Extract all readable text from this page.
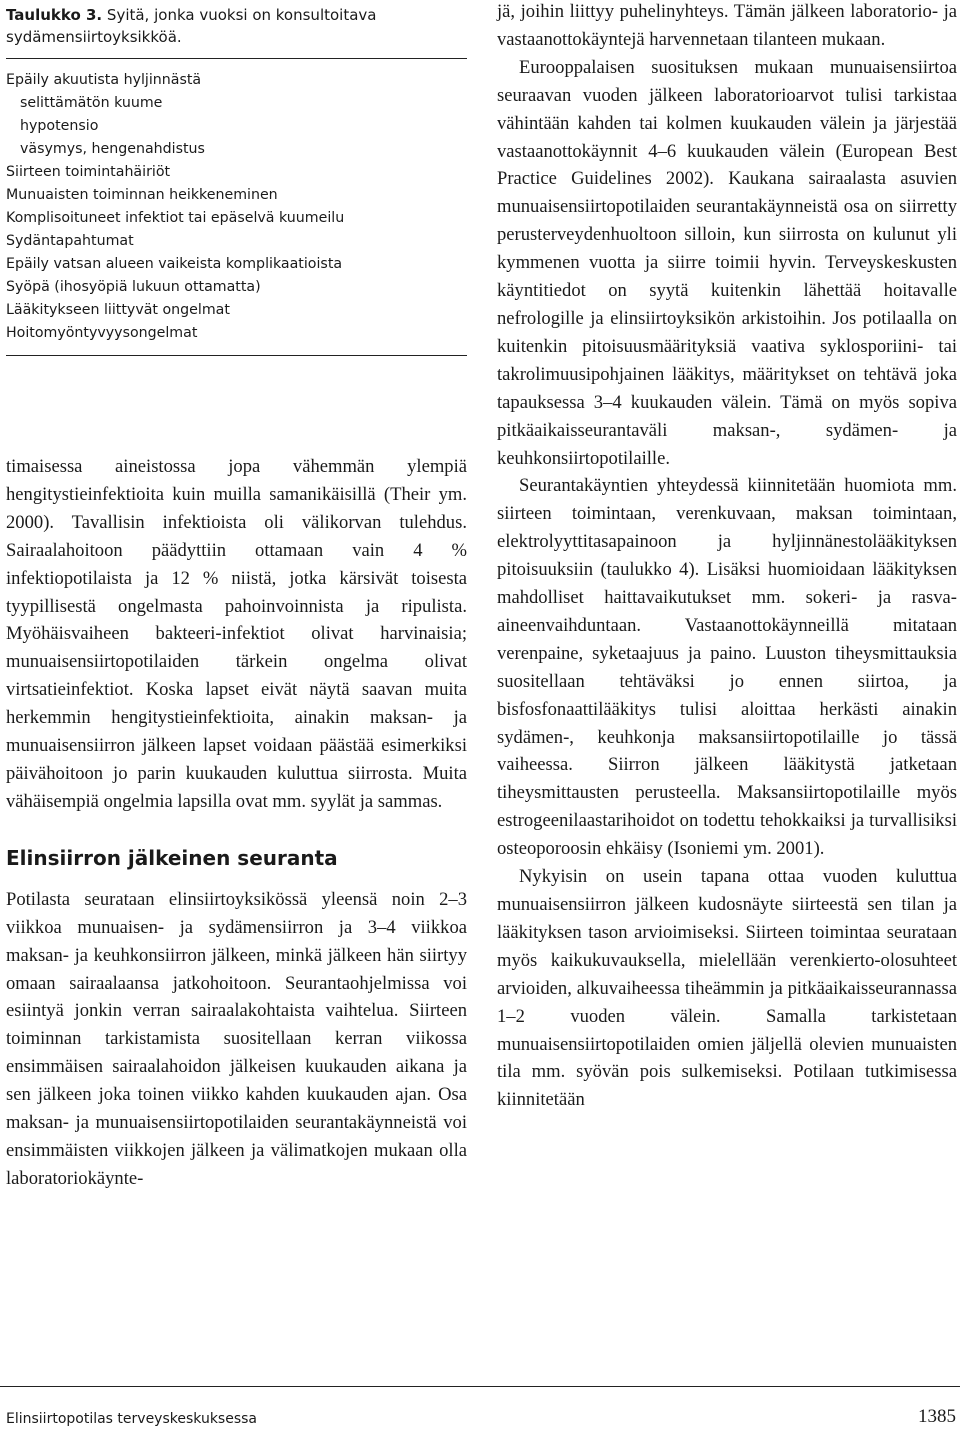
Taulukko 3. Syitä, jonka vuoksi on konsultoitava sydämensiirtoyksikköä.

Epäily akuutista hyljinnästä
selittämätön kuume
hypotensio
väsymys, hengenahdistus
Siirteen toimintahäiriöt
Munuaisten toiminnan heikkeneminen
Komplisoituneet infektiot tai epäselvä kuumeilu
Sydäntapahtumat
Epäily vatsan alueen vaikeista komplikaatioista
Syöpä (ihosyöpiä lukuun ottamatta)
Lääkitykseen liittyvät ongelmat
Hoitomyöntyvyysongelmat

timaisessa aineistossa jopa vähemmän ylempiä hengitystieinfektioita kuin muilla samanikäisillä (Their ym. 2000). Tavallisin infektioista oli välikorvan tulehdus. Sairaalahoitoon päädyttiin ottamaan vain 4 % infektiopotilaista ja 12 % niistä, jotka kärsivät toisesta tyypillisestä ongelmasta pahoinvoinnista ja ripulista. Myöhäisvaiheen bakteeri-infektiot olivat harvinaisia; munuaisensiirtopotilaiden tärkein ongelma olivat virtsatieinfektiot. Koska lapset eivät näytä saavan muita herkemmin hengitystieinfektioita, ainakin maksan- ja munuaisensiirron jälkeen lapset voidaan päästää esimerkiksi päivähoitoon jo parin kuukauden kuluttua siirrosta. Muita vähäisempiä ongelmia lapsilla ovat mm. syylät ja sammas.

Elinsiirron jälkeinen seuranta

Potilasta seurataan elinsiirtoyksikössä yleensä noin 2–3 viikkoa munuaisen- ja sydämensiirron ja 3–4 viikkoa maksan- ja keuhkonsiirron jälkeen, minkä jälkeen hän siirtyy omaan sairaalaansa jatkohoitoon. Seurantaohjelmissa voi esiintyä jonkin verran sairaalakohtaista vaihtelua. Siirteen toiminnan tarkistamista suositellaan kerran viikossa ensimmäisen sairaalahoidon jälkeisen kuukauden aikana ja sen jälkeen joka toinen viikko kahden kuukauden ajan. Osa maksan- ja munuaisensiirtopotilaiden seurantakäynneistä voi ensimmäisten viikkojen jälkeen ja välimatkojen mukaan olla laboratoriokäynte-

jä, joihin liittyy puhelinyhteys. Tämän jälkeen laboratorio- ja vastaanottokäyntejä harvennetaan tilanteen mukaan.

Eurooppalaisen suosituksen mukaan munuaisensiirtoa seuraavan vuoden jälkeen laboratorioarvot tulisi tarkistaa vähintään kahden tai kolmen kuukauden välein ja järjestää vastaanottokäynnit 4–6 kuukauden välein (European Best Practice Guidelines 2002). Kaukana sairaalasta asuvien munuaisensiirtopotilaiden seurantakäynneistä osa on siirretty perusterveydenhuoltoon silloin, kun siirrosta on kulunut yli kymmenen vuotta ja siirre toimii hyvin. Terveyskeskusten käyntitiedot on syytä kuitenkin lähettää hoitavalle nefrologille ja elinsiirtoyksikön arkistoihin. Jos potilaalla on kuitenkin pitoisuusmäärityksiä vaativa syklosporiini- tai takrolimuusipohjainen lääkitys, määritykset on tehtävä joka tapauksessa 3–4 kuukauden välein. Tämä on myös sopiva pitkäaikaisseurantaväli maksan-, sydämen- ja keuhkonsiirtopotilaille.

Seurantakäyntien yhteydessä kiinnitetään huomiota mm. siirteen toimintaan, verenkuvaan, maksan toimintaan, elektrolyyttitasapainoon ja hyljinnänestolääkityksen pitoisuuksiin (taulukko 4). Lisäksi huomioidaan lääkityksen mahdolliset haittavaikutukset mm. sokeri- ja rasva-aineenvaihduntaan. Vastaanottokäynneillä mitataan verenpaine, syketaajuus ja paino. Luuston tiheysmittauksia suositellaan tehtäväksi jo ennen siirtoa, ja bisfosfonaattilääkitys tulisi aloittaa herkästi ainakin sydämen-, keuhkonja maksansiirtopotilaille jo tässä vaiheessa. Siirron jälkeen lääkitystä jatketaan tiheysmittausten perusteella. Maksansiirtopotilaille myös estrogeenilaastarihoidot on todettu tehokkaiksi ja turvallisiksi osteoporoosin ehkäisy (Isoniemi ym. 2001).

Nykyisin on usein tapana ottaa vuoden kuluttua munuaisensiirron jälkeen kudosnäyte siirteestä sen tilan ja lääkityksen tason arvioimiseksi. Siirteen toimintaa seurataan myös kaikukuvauksella, mielellään verenkierto-olosuhteet arvioiden, alkuvaiheessa tiheämmin ja pitkäaikaisseurannassa 1–2 vuoden välein. Samalla tarkistetaan munuaisensiirtopotilaiden omien jäljellä olevien munuaisten tila mm. syövän pois sulkemiseksi. Potilaan tutkimisessa kiinnitetään

Elinsiirtopotilas terveyskeskuksessa	1385
